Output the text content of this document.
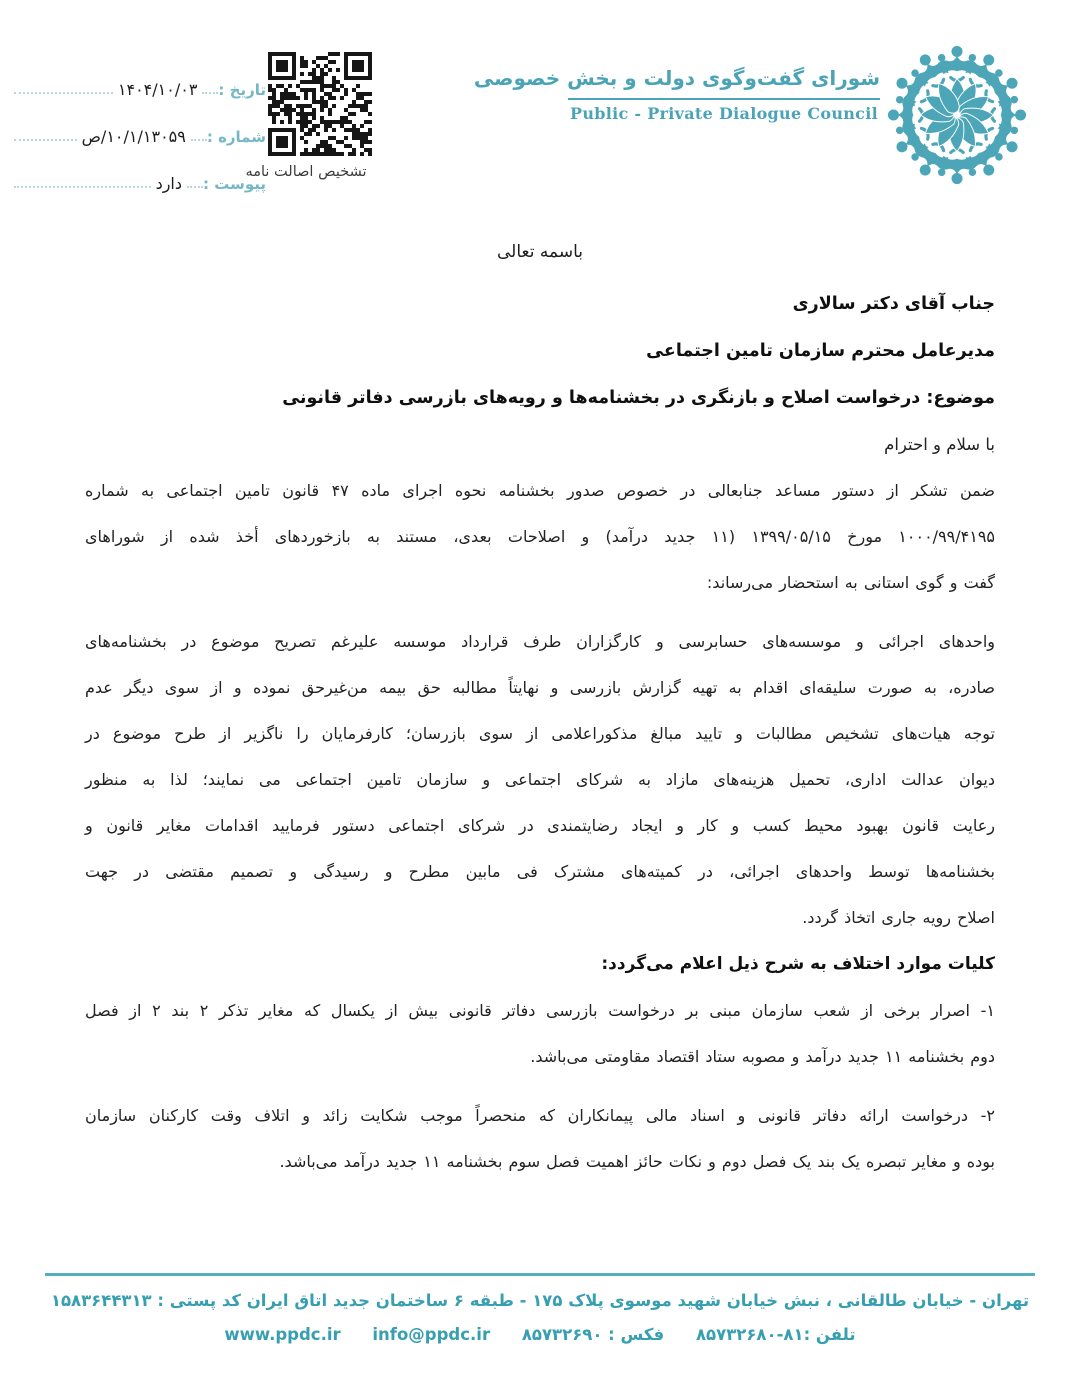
تاریخ :
۱۴۰۴/۱۰/۰۳
شماره :
۱۰/۱/۱۳۰۵۹/ص
پیوست :
دارد
تشخیص اصالت نامه
شورای گفت‌وگوی دولت و بخش خصوصی
Public - Private Dialogue Council
باسمه تعالی
جناب آقای دکتر سالاری
مدیرعامل محترم سازمان تامین اجتماعی
موضوع: درخواست اصلاح و بازنگری در بخشنامه‌ها و رویه‌های بازرسی دفاتر قانونی
با سلام و احترام
ضمن تشکر از دستور مساعد جنابعالی در خصوص صدور بخشنامه نحوه اجرای ماده ۴۷ قانون تامین اجتماعی به شماره
۱۰۰۰/۹۹/۴۱۹۵ مورخ ۱۳۹۹/۰۵/۱۵ (۱۱ جدید درآمد) و اصلاحات بعدی، مستند به بازخوردهای أخذ شده از شوراهای
گفت و گوی استانی به استحضار می‌رساند:
واحدهای اجرائی و موسسه‌های حسابرسی و کارگزاران طرف قرارداد موسسه علیرغم تصریح موضوع در بخشنامه‌های
صادره، به صورت سلیقه‌ای اقدام به تهیه گزارش بازرسی و نهایتاً مطالبه حق بیمه من‌غیرحق نموده و از سوی دیگر عدم
توجه هیات‌های تشخیص مطالبات و تایید مبالغ مذکوراعلامی از سوی بازرسان؛ کارفرمایان را ناگزیر از طرح موضوع در
دیوان عدالت اداری، تحمیل هزینه‌های مازاد به شرکای اجتماعی و سازمان تامین اجتماعی می نمایند؛ لذا به منظور
رعایت قانون بهبود محیط کسب و کار و ایجاد رضایتمندی در شرکای اجتماعی دستور فرمایید اقدامات مغایر قانون و
بخشنامه‌ها توسط واحدهای اجرائی، در کمیته‌های مشترک فی مابین مطرح و رسیدگی و تصمیم مقتضی در جهت
اصلاح رویه جاری اتخاذ گردد.
کلیات موارد اختلاف به شرح ذیل اعلام می‌گردد:
۱- اصرار برخی از شعب سازمان مبنی بر درخواست بازرسی دفاتر قانونی بیش از یکسال که مغایر تذکر ۲ بند ۲ از فصل
دوم بخشنامه ۱۱ جدید درآمد و مصوبه ستاد اقتصاد مقاومتی می‌باشد.
۲- درخواست ارائه دفاتر قانونی و اسناد مالی پیمانکاران که منحصراً موجب شکایت زائد و اتلاف وقت کارکنان سازمان
بوده و مغایر تبصره یک بند یک فصل دوم و نکات حائز اهمیت فصل سوم بخشنامه ۱۱ جدید درآمد می‌باشد.
تهران - خیابان طالقانی ، نبش خیابان شهید موسوی پلاک ۱۷۵ - طبقه ۶ ساختمان جدید اتاق ایران کد پستی : ۱۵۸۳۶۴۴۳۱۳
تلفن :۸۱-۸۵۷۳۲۶۸۰ فکس : ۸۵۷۳۲۶۹۰ info@ppdc.ir www.ppdc.ir
